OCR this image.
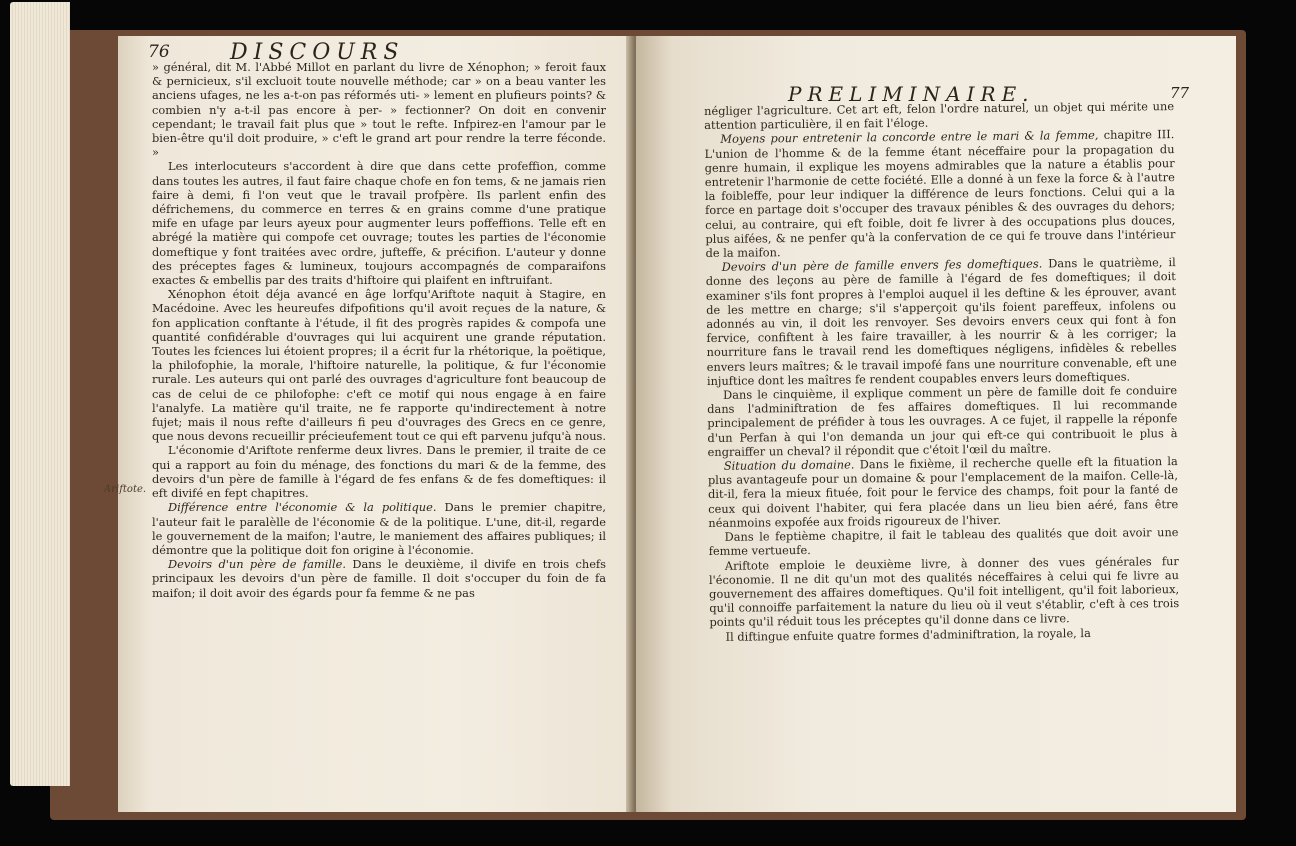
76	DISCOURS
Ariftote.

» général, dit M. l'Abbé Millot en parlant du livre de Xénophon; » feroit faux & pernicieux, s'il excluoit toute nouvelle méthode; car » on a beau vanter les anciens ufages, ne les a-t-on pas réformés uti- » lement en plufieurs points? & combien n'y a-t-il pas encore à per- » fectionner? On doit en convenir cependant; le travail fait plus que » tout le refte. Infpirez-en l'amour par le bien-être qu'il doit produire, » c'eft le grand art pour rendre la terre féconde. »

Les interlocuteurs s'accordent à dire que dans cette profeffion, comme dans toutes les autres, il faut faire chaque chofe en fon tems, & ne jamais rien faire à demi, fi l'on veut que le travail profpère. Ils parlent enfin des défrichemens, du commerce en terres & en grains comme d'une pratique mife en ufage par leurs ayeux pour augmenter leurs poffeffions. Telle eft en abrégé la matière qui compofe cet ouvrage; toutes les parties de l'économie domeftique y font traitées avec ordre, jufteffe, & précifion. L'auteur y donne des préceptes fages & lumineux, toujours accompagnés de comparaifons exactes & embellis par des traits d'hiftoire qui plaifent en inftruifant.

Xénophon étoit déja avancé en âge lorfqu'Ariftote naquit à Stagire, en Macédoine. Avec les heureufes difpofitions qu'il avoit reçues de la nature, & fon application conftante à l'étude, il fit des progrès rapides & compofa une quantité confidérable d'ouvrages qui lui acquirent une grande réputation. Toutes les fciences lui étoient propres; il a écrit fur la rhétorique, la poëtique, la philofophie, la morale, l'hiftoire naturelle, la politique, & fur l'économie rurale. Les auteurs qui ont parlé des ouvrages d'agriculture font beaucoup de cas de celui de ce philofophe: c'eft ce motif qui nous engage à en faire l'analyfe. La matière qu'il traite, ne fe rapporte qu'indirectement à notre fujet; mais il nous refte d'ailleurs fi peu d'ouvrages des Grecs en ce genre, que nous devons recueillir précieufement tout ce qui eft parvenu jufqu'à nous.

L'économie d'Ariftote renferme deux livres. Dans le premier, il traite de ce qui a rapport au foin du ménage, des fonctions du mari & de la femme, des devoirs d'un père de famille à l'égard de fes enfans & de fes domeftiques: il eft divifé en fept chapitres.

Différence entre l'économie & la politique. Dans le premier chapitre, l'auteur fait le paralèlle de l'économie & de la politique. L'une, dit-il, regarde le gouvernement de la maifon; l'autre, le maniement des affaires publiques; il démontre que la politique doit fon origine à l'économie.

Devoirs d'un père de famille. Dans le deuxième, il divife en trois chefs principaux les devoirs d'un père de famille. Il doit s'occuper du foin de fa maifon; il doit avoir des égards pour fa femme & ne pas

PRELIMINAIRE.	77

négliger l'agriculture. Cet art eft, felon l'ordre naturel, un objet qui mérite une attention particulière, il en fait l'éloge.

Moyens pour entretenir la concorde entre le mari & la femme, chapitre III. L'union de l'homme & de la femme étant néceffaire pour la propagation du genre humain, il explique les moyens admirables que la nature a établis pour entretenir l'harmonie de cette fociété. Elle a donné à un fexe la force & à l'autre la foibleffe, pour leur indiquer la différence de leurs fonctions. Celui qui a la force en partage doit s'occuper des travaux pénibles & des ouvrages du dehors; celui, au contraire, qui eft foible, doit fe livrer à des occupations plus douces, plus aifées, & ne penfer qu'à la confervation de ce qui fe trouve dans l'intérieur de la maifon.

Devoirs d'un père de famille envers fes domeftiques. Dans le quatrième, il donne des leçons au père de famille à l'égard de fes domeftiques; il doit examiner s'ils font propres à l'emploi auquel il les deftine & les éprouver, avant de les mettre en charge; s'il s'apperçoit qu'ils foient pareffeux, infolens ou adonnés au vin, il doit les renvoyer. Ses devoirs envers ceux qui font à fon fervice, confiftent à les faire travailler, à les nourrir & à les corriger; la nourriture fans le travail rend les domeftiques négligens, infidèles & rebelles envers leurs maîtres; & le travail impofé fans une nourriture convenable, eft une injuftice dont les maîtres fe rendent coupables envers leurs domeftiques.

Dans le cinquième, il explique comment un père de famille doit fe conduire dans l'adminiftration de fes affaires domeftiques. Il lui recommande principalement de préfider à tous les ouvrages. A ce fujet, il rappelle la réponfe d'un Perfan à qui l'on demanda un jour qui eft-ce qui contribuoit le plus à engraiffer un cheval? il répondit que c'étoit l'œil du maître.

Situation du domaine. Dans le fixième, il recherche quelle eft la fituation la plus avantageufe pour un domaine & pour l'emplacement de la maifon. Celle-là, dit-il, fera la mieux fituée, foit pour le fervice des champs, foit pour la fanté de ceux qui doivent l'habiter, qui fera placée dans un lieu bien aéré, fans être néanmoins expofée aux froids rigoureux de l'hiver.

Dans le feptième chapitre, il fait le tableau des qualités que doit avoir une femme vertueufe.

Ariftote emploie le deuxième livre, à donner des vues générales fur l'économie. Il ne dit qu'un mot des qualités néceffaires à celui qui fe livre au gouvernement des affaires domeftiques. Qu'il foit intelligent, qu'il foit laborieux, qu'il connoiffe parfaitement la nature du lieu où il veut s'établir, c'eft à ces trois points qu'il réduit tous les préceptes qu'il donne dans ce livre.

Il diftingue enfuite quatre formes d'adminiftration, la royale, la
